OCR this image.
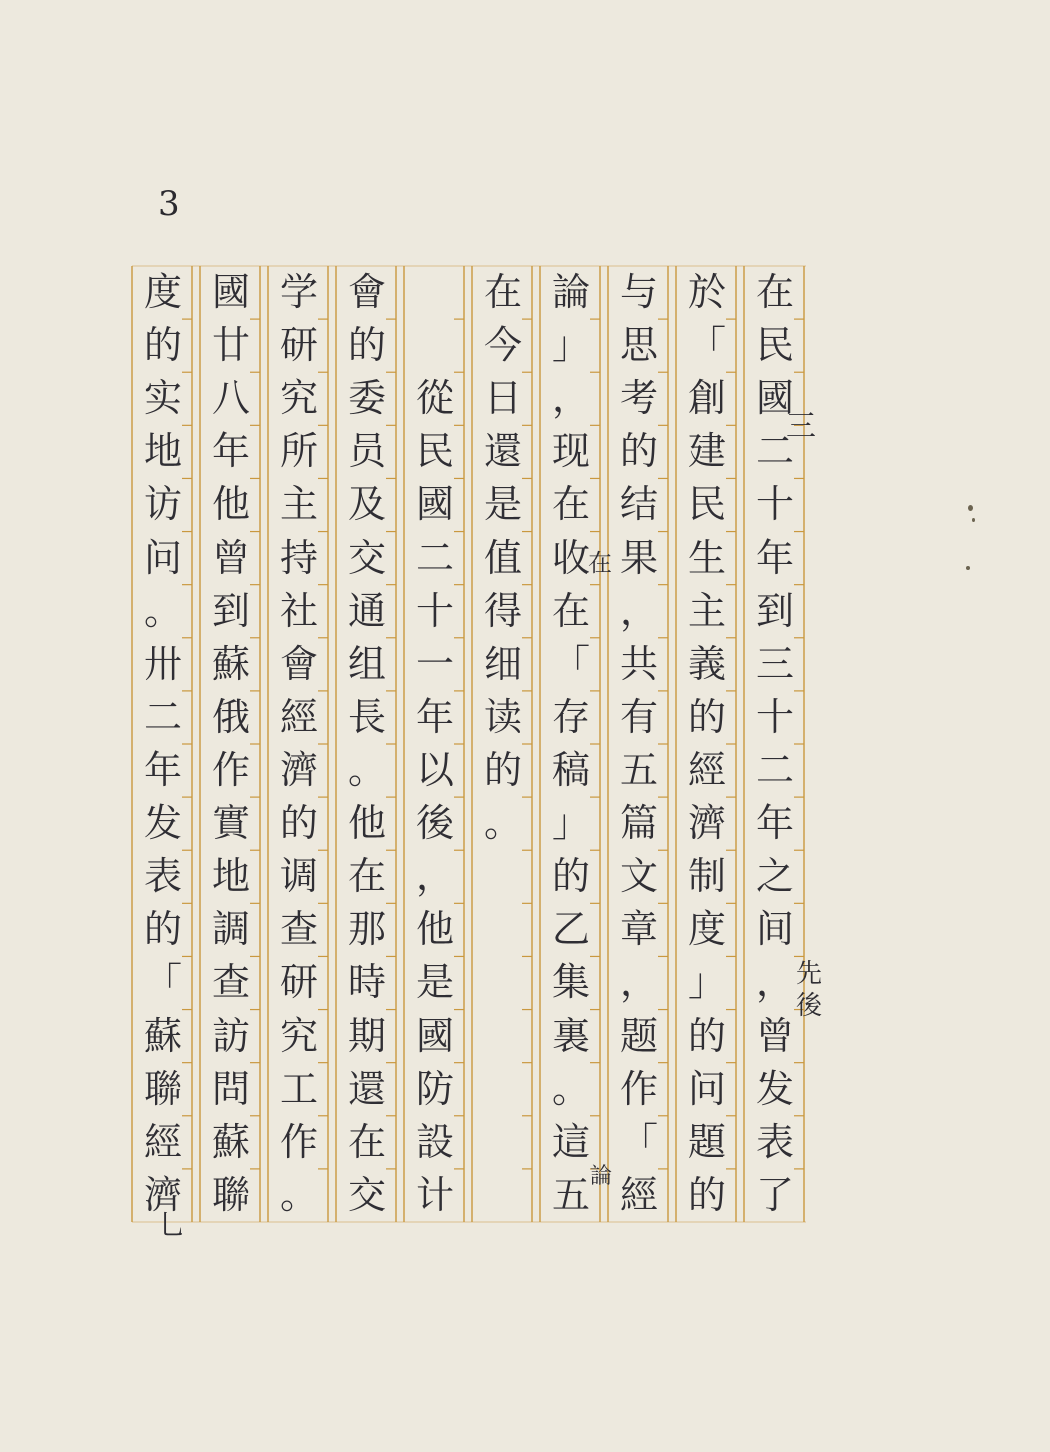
3
在
民
國
二
十
年
到
三
十
二
年
之
间
，
曾
发
表
了
於
「
創
建
民
生
主
義
的
經
濟
制
度
」
的
问
題
的
与
思
考
的
结
果
，
共
有
五
篇
文
章
，
题
作
「
經
論
」
，
现
在
收
在
「
存
稿
」
的
乙
集
裏
。
這
五
在
今
日
還
是
值
得
细
读
的
。
從
民
國
二
十
一
年
以
後
，
他
是
國
防
設
计
會
的
委
员
及
交
通
组
長
。
他
在
那
時
期
還
在
交
学
研
究
所
主
持
社
會
經
濟
的
调
查
研
究
工
作
。
國
廿
八
年
他
曾
到
蘇
俄
作
實
地
調
查
訪
問
蘇
聯
度
的
实
地
访
问
。
卅
二
年
发
表
的
「
蘇
聯
經
濟
三
先後
在
論
乚
